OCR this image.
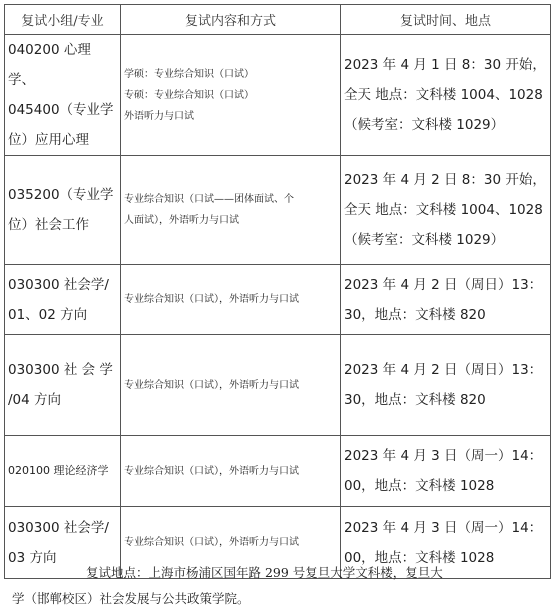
复试小组/专业	复试内容和方式	复试时间、地点

040200 心理学、
045400（专业学
位）应用心理	学硕：专业综合知识（口试）
专硕：专业综合知识（口试）
外语听力与口试	2023 年 4 月 1 日 8：30 开始，
全天 地点：文科楼 1004、1028
（候考室：文科楼 1029）

035200（专业学
位）社会工作	专业综合知识（口试——团体面试、个
人面试），外语听力与口试	2023 年 4 月 2 日 8：30 开始，
全天 地点：文科楼 1004、1028
（候考室：文科楼 1029）

030300 社会学/
01、02 方向	专业综合知识（口试），外语听力与口试	2023 年 4 月 2 日（周日）13：
30，地点：文科楼 820

030300 社 会 学
/04 方向	专业综合知识（口试），外语听力与口试	2023 年 4 月 2 日（周日）13：
30，地点：文科楼 820

020100 理论经济学	专业综合知识（口试），外语听力与口试	2023 年 4 月 3 日（周一）14：
00，地点：文科楼 1028

030300 社会学/
03 方向	专业综合知识（口试），外语听力与口试	2023 年 4 月 3 日（周一）14：
00，地点：文科楼 1028
复试地点：上海市杨浦区国年路 299 号复旦大学文科楼，复旦大
学（邯郸校区）社会发展与公共政策学院。
